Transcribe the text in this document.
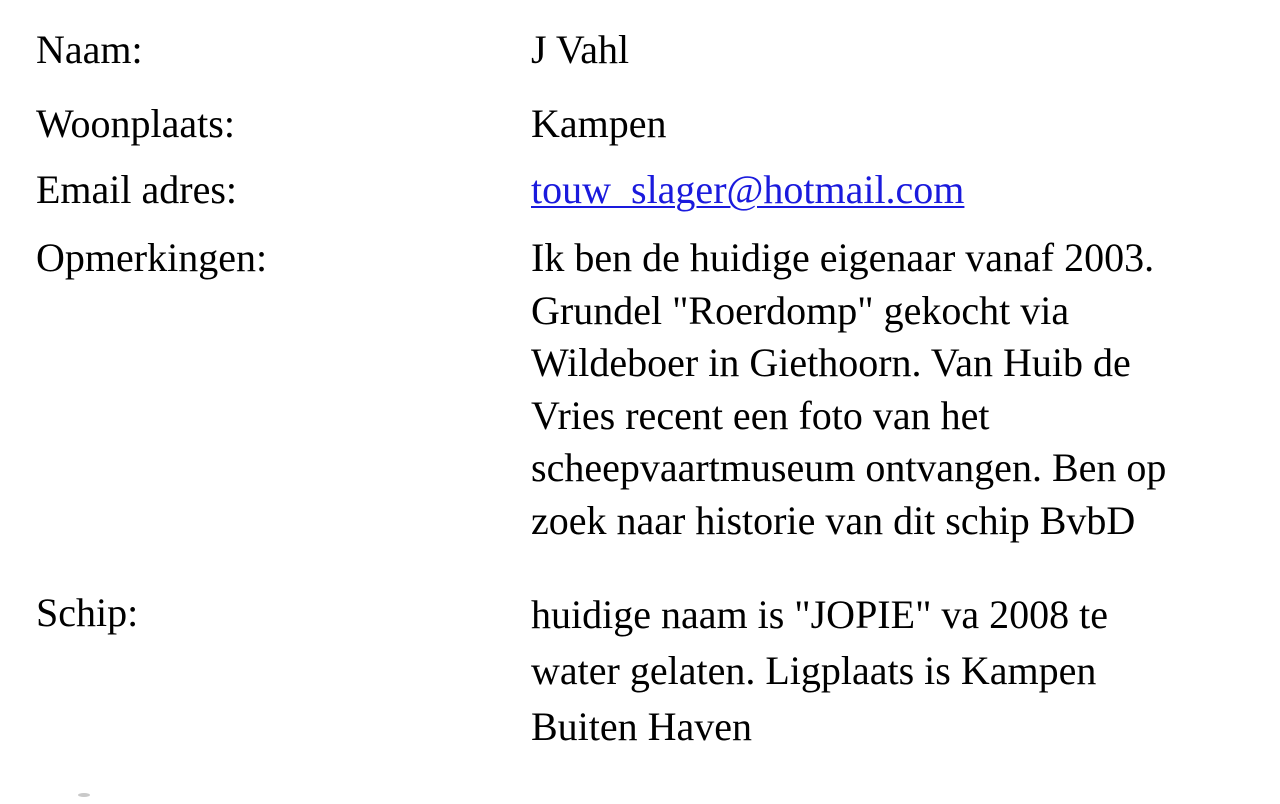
Naam:	J Vahl
Woonplaats:	Kampen
Email adres:	touw_slager@hotmail.com
Opmerkingen:	Ik ben de huidige eigenaar vanaf 2003.
Grundel "Roerdomp" gekocht via
Wildeboer in Giethoorn. Van Huib de
Vries recent een foto van het
scheepvaartmuseum ontvangen. Ben op
zoek naar historie van dit schip BvbD
Schip:	huidige naam is "JOPIE" va 2008 te
water gelaten. Ligplaats is Kampen
Buiten Haven
